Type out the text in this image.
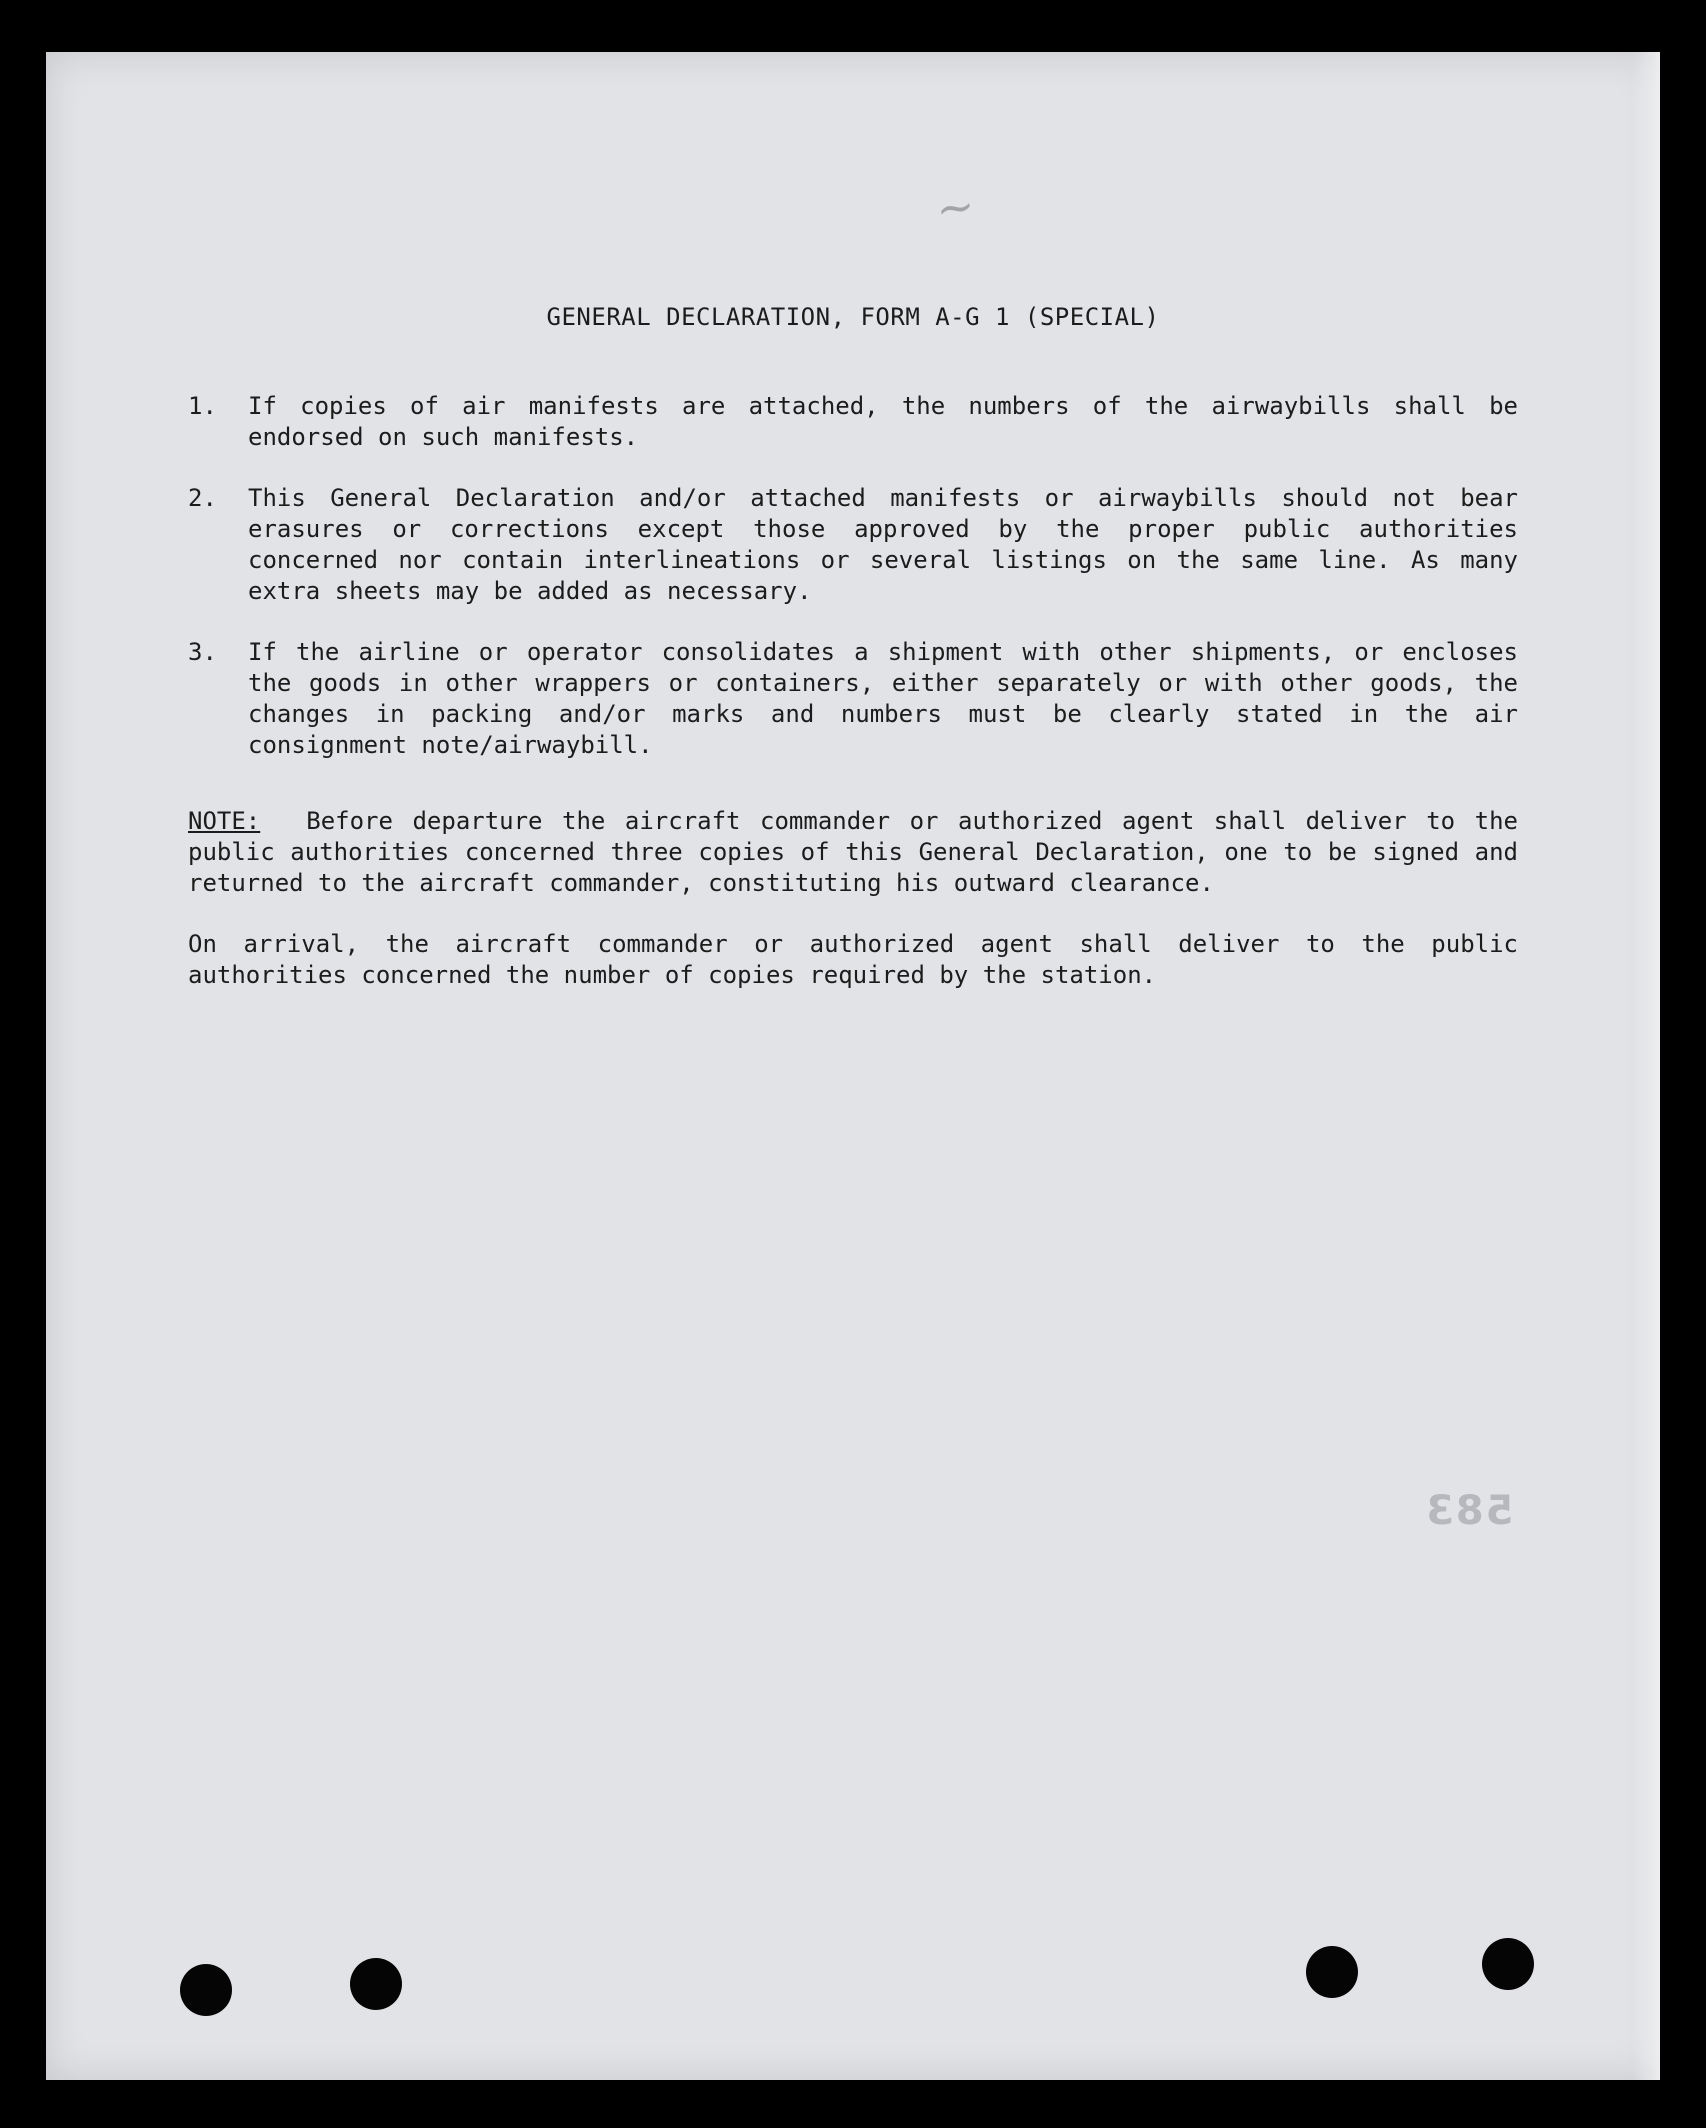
~
583
GENERAL DECLARATION, FORM A-G 1 (SPECIAL)
1.	If copies of air manifests are attached, the numbers of the airwaybills shall be endorsed on such manifests.
2.	This General Declaration and/or attached manifests or airwaybills should not bear erasures or corrections except those approved by the proper public authorities concerned nor contain interlineations or several listings on the same line. As many extra sheets may be added as necessary.
3.	If the airline or operator consolidates a shipment with other shipments, or encloses the goods in other wrappers or containers, either separately or with other goods, the changes in packing and/or marks and numbers must be clearly stated in the air consignment note/airwaybill.
NOTE: Before departure the aircraft commander or authorized agent shall deliver to the public authorities concerned three copies of this General Declaration, one to be signed and returned to the aircraft commander, constituting his outward clearance.
On arrival, the aircraft commander or authorized agent shall deliver to the public authorities concerned the number of copies required by the station.
